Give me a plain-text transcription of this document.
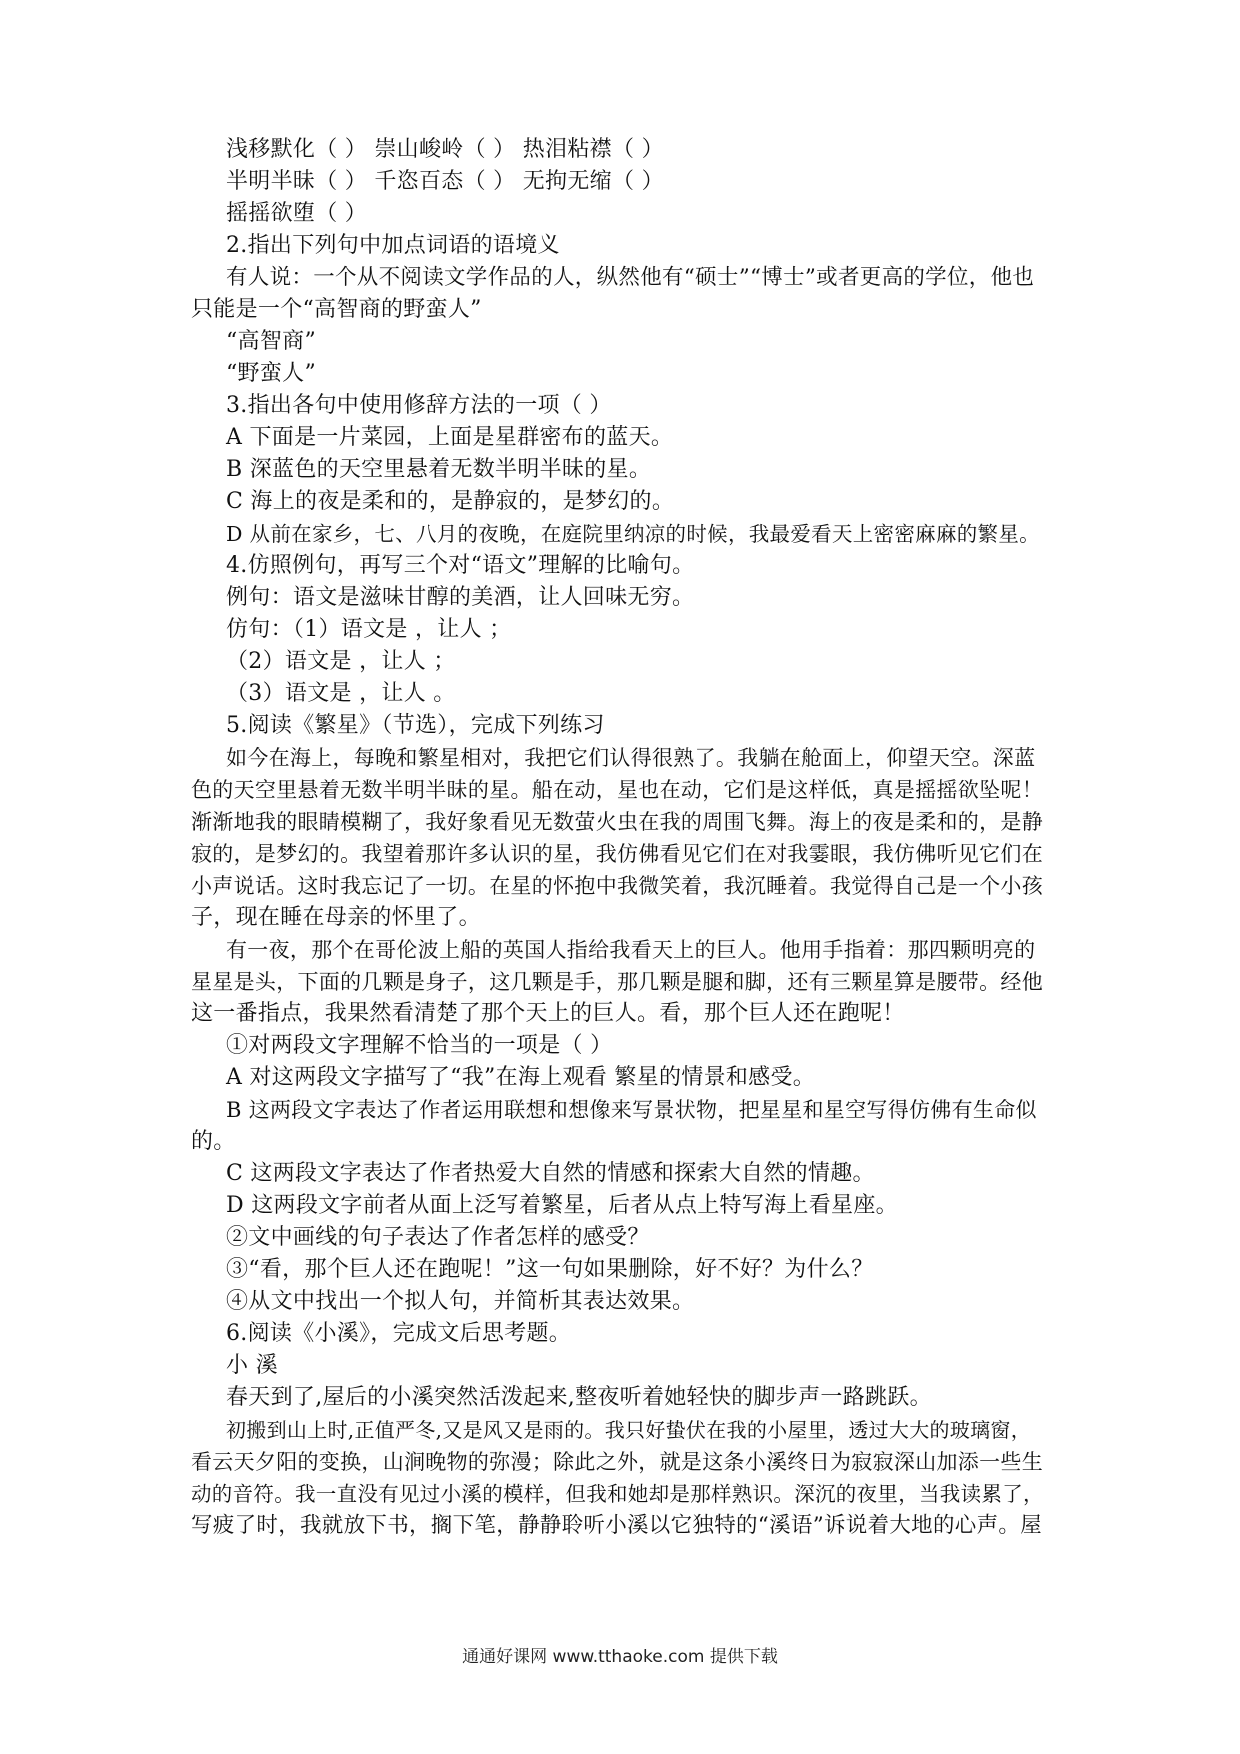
浅移默化（ ） 崇山峻岭（ ） 热泪粘襟（ ）
半明半昧（ ） 千恣百态（ ） 无拘无缩（ ）
摇摇欲堕（ ）
2.指出下列句中加点词语的语境义
有人说：一个从不阅读文学作品的人，纵然他有“硕士”“博士”或者更高的学位，他也
只能是一个“高智商的野蛮人”
“高智商”
“野蛮人”
3.指出各句中使用修辞方法的一项（ ）
A 下面是一片菜园，上面是星群密布的蓝天。
B 深蓝色的天空里悬着无数半明半昧的星。
C 海上的夜是柔和的，是静寂的，是梦幻的。
D 从前在家乡，七、八月的夜晚，在庭院里纳凉的时候，我最爱看天上密密麻麻的繁星。
4.仿照例句，再写三个对“语文”理解的比喻句。
例句：语文是滋味甘醇的美酒，让人回味无穷。
仿句：（1）语文是 ，让人 ；
（2）语文是 ，让人 ；
（3）语文是 ，让人 。
5.阅读《繁星》（节选），完成下列练习
如今在海上，每晚和繁星相对，我把它们认得很熟了。我躺在舱面上，仰望天空。深蓝
色的天空里悬着无数半明半昧的星。船在动，星也在动，它们是这样低，真是摇摇欲坠呢！
渐渐地我的眼睛模糊了，我好象看见无数萤火虫在我的周围飞舞。海上的夜是柔和的，是静
寂的，是梦幻的。我望着那许多认识的星，我仿佛看见它们在对我霎眼，我仿佛听见它们在
小声说话。这时我忘记了一切。在星的怀抱中我微笑着，我沉睡着。我觉得自己是一个小孩
子，现在睡在母亲的怀里了。
有一夜，那个在哥伦波上船的英国人指给我看天上的巨人。他用手指着：那四颗明亮的
星星是头，下面的几颗是身子，这几颗是手，那几颗是腿和脚，还有三颗星算是腰带。经他
这一番指点，我果然看清楚了那个天上的巨人。看，那个巨人还在跑呢！
①对两段文字理解不恰当的一项是（ ）
A 对这两段文字描写了“我”在海上观看 繁星的情景和感受。
B 这两段文字表达了作者运用联想和想像来写景状物，把星星和星空写得仿佛有生命似
的。
C 这两段文字表达了作者热爱大自然的情感和探索大自然的情趣。
D 这两段文字前者从面上泛写着繁星，后者从点上特写海上看星座。
②文中画线的句子表达了作者怎样的感受？
③“看，那个巨人还在跑呢！”这一句如果删除，好不好？为什么？
④从文中找出一个拟人句，并简析其表达效果。
6.阅读《小溪》，完成文后思考题。
小 溪
春天到了,屋后的小溪突然活泼起来,整夜听着她轻快的脚步声一路跳跃。
初搬到山上时,正值严冬,又是风又是雨的。我只好蛰伏在我的小屋里，透过大大的玻璃窗，
看云天夕阳的变换，山涧晚物的弥漫；除此之外，就是这条小溪终日为寂寂深山加添一些生
动的音符。我一直没有见过小溪的模样，但我和她却是那样熟识。深沉的夜里，当我读累了，
写疲了时，我就放下书，搁下笔，静静聆听小溪以它独特的“溪语”诉说着大地的心声。屋
通通好课网 www.tthaoke.com 提供下载
